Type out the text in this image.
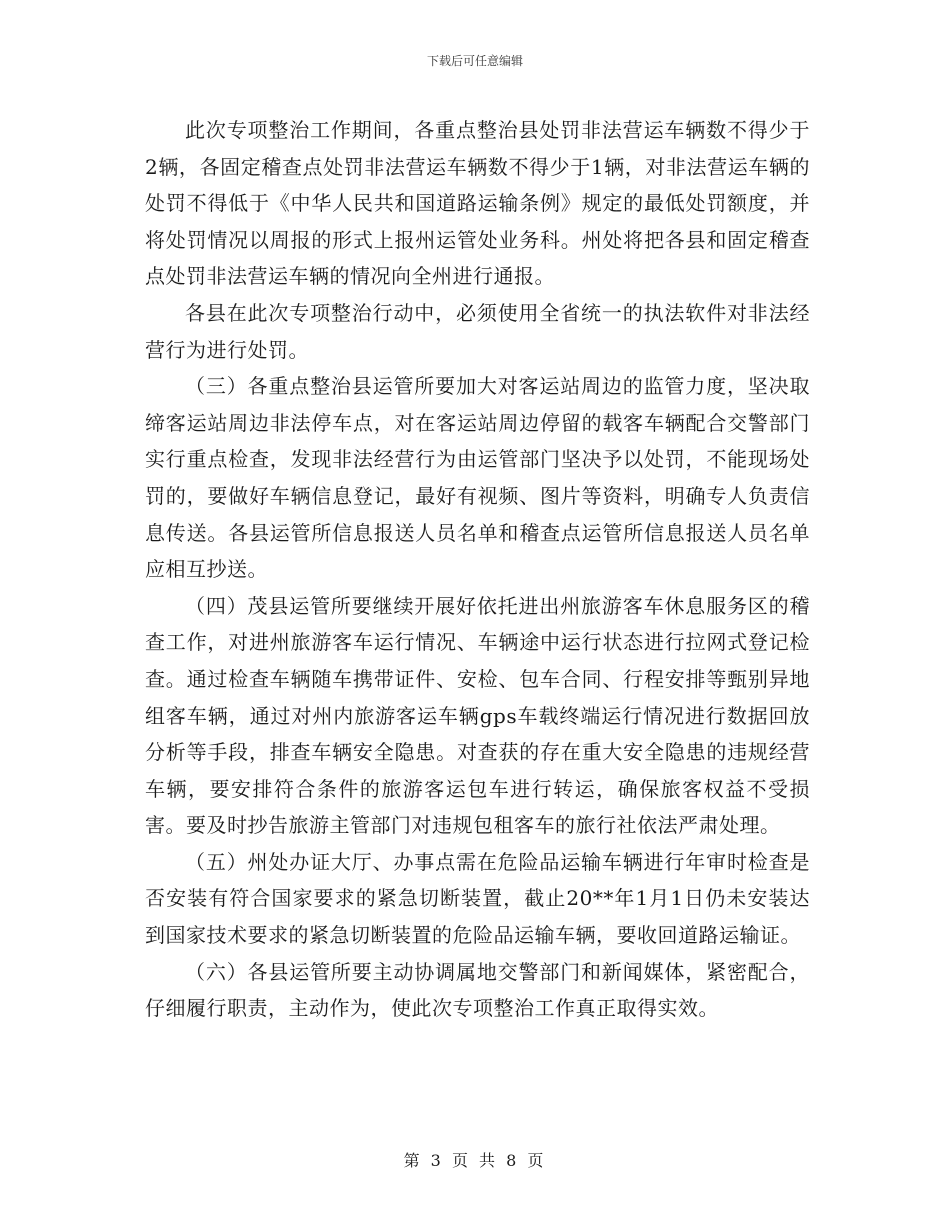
下载后可任意编辑

此次专项整治工作期间，各重点整治县处罚非法营运车辆数不得少于2辆，各固定稽查点处罚非法营运车辆数不得少于1辆，对非法营运车辆的处罚不得低于《中华人民共和国道路运输条例》规定的最低处罚额度，并将处罚情况以周报的形式上报州运管处业务科。州处将把各县和固定稽查点处罚非法营运车辆的情况向全州进行通报。

各县在此次专项整治行动中，必须使用全省统一的执法软件对非法经营行为进行处罚。

（三）各重点整治县运管所要加大对客运站周边的监管力度，坚决取缔客运站周边非法停车点，对在客运站周边停留的载客车辆配合交警部门实行重点检查，发现非法经营行为由运管部门坚决予以处罚，不能现场处罚的，要做好车辆信息登记，最好有视频、图片等资料，明确专人负责信息传送。各县运管所信息报送人员名单和稽查点运管所信息报送人员名单应相互抄送。

（四）茂县运管所要继续开展好依托进出州旅游客车休息服务区的稽查工作，对进州旅游客车运行情况、车辆途中运行状态进行拉网式登记检查。通过检查车辆随车携带证件、安检、包车合同、行程安排等甄别异地组客车辆，通过对州内旅游客运车辆gps车载终端运行情况进行数据回放分析等手段，排查车辆安全隐患。对查获的存在重大安全隐患的违规经营车辆，要安排符合条件的旅游客运包车进行转运，确保旅客权益不受损害。要及时抄告旅游主管部门对违规包租客车的旅行社依法严肃处理。

（五）州处办证大厅、办事点需在危险品运输车辆进行年审时检查是否安装有符合国家要求的紧急切断装置，截止20**年1月1日仍未安装达到国家技术要求的紧急切断装置的危险品运输车辆，要收回道路运输证。

（六）各县运管所要主动协调属地交警部门和新闻媒体，紧密配合，仔细履行职责，主动作为，使此次专项整治工作真正取得实效。

第 3 页 共 8 页
